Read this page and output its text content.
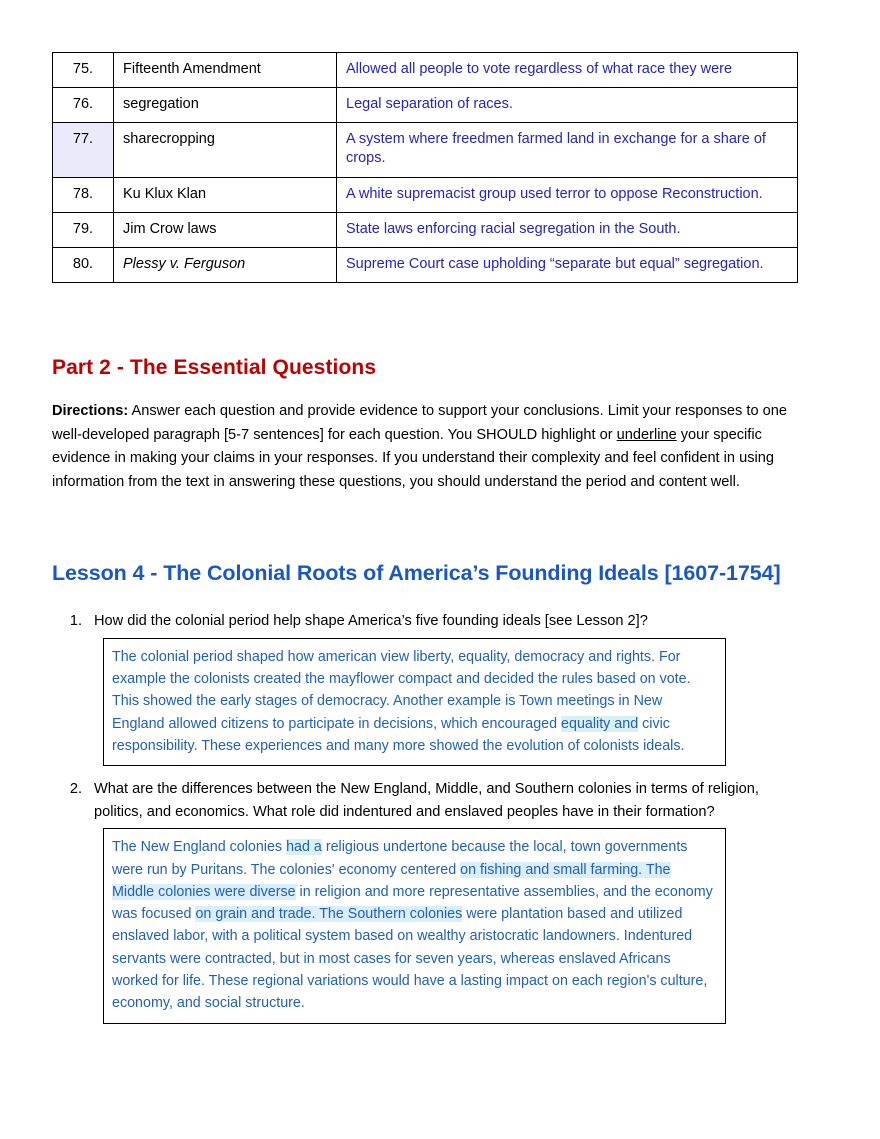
75.	Fifteenth Amendment	Allowed all people to vote regardless of what race they were
76.	segregation	Legal separation of races.
77.	sharecropping	A system where freedmen farmed land in exchange for a share of crops.
78.	Ku Klux Klan	A white supremacist group used terror to oppose Reconstruction.
79.	Jim Crow laws	State laws enforcing racial segregation in the South.
80.	Plessy v. Ferguson	Supreme Court case upholding “separate but equal” segregation.
Part 2 - The Essential Questions
Directions: Answer each question and provide evidence to support your conclusions. Limit your responses to one well-developed paragraph [5-7 sentences] for each question. You SHOULD highlight or underline your specific evidence in making your claims in your responses. If you understand their complexity and feel confident in using information from the text in answering these questions, you should understand the period and content well.
Lesson 4 - The Colonial Roots of America’s Founding Ideals [1607-1754]
1. How did the colonial period help shape America’s five founding ideals [see Lesson 2]?
The colonial period shaped how american view liberty, equality, democracy and rights. For example the colonists created the mayflower compact and decided the rules based on vote. This showed the early stages of democracy. Another example is Town meetings in New England allowed citizens to participate in decisions, which encouraged equality and civic responsibility. These experiences and many more showed the evolution of colonists ideals.
2. What are the differences between the New England, Middle, and Southern colonies in terms of religion, politics, and economics. What role did indentured and enslaved peoples have in their formation?
The New England colonies had a religious undertone because the local, town governments were run by Puritans. The colonies' economy centered on fishing and small farming. The Middle colonies were diverse in religion and more representative assemblies, and the economy was focused on grain and trade. The Southern colonies were plantation based and utilized enslaved labor, with a political system based on wealthy aristocratic landowners. Indentured servants were contracted, but in most cases for seven years, whereas enslaved Africans worked for life. These regional variations would have a lasting impact on each region's culture, economy, and social structure.
